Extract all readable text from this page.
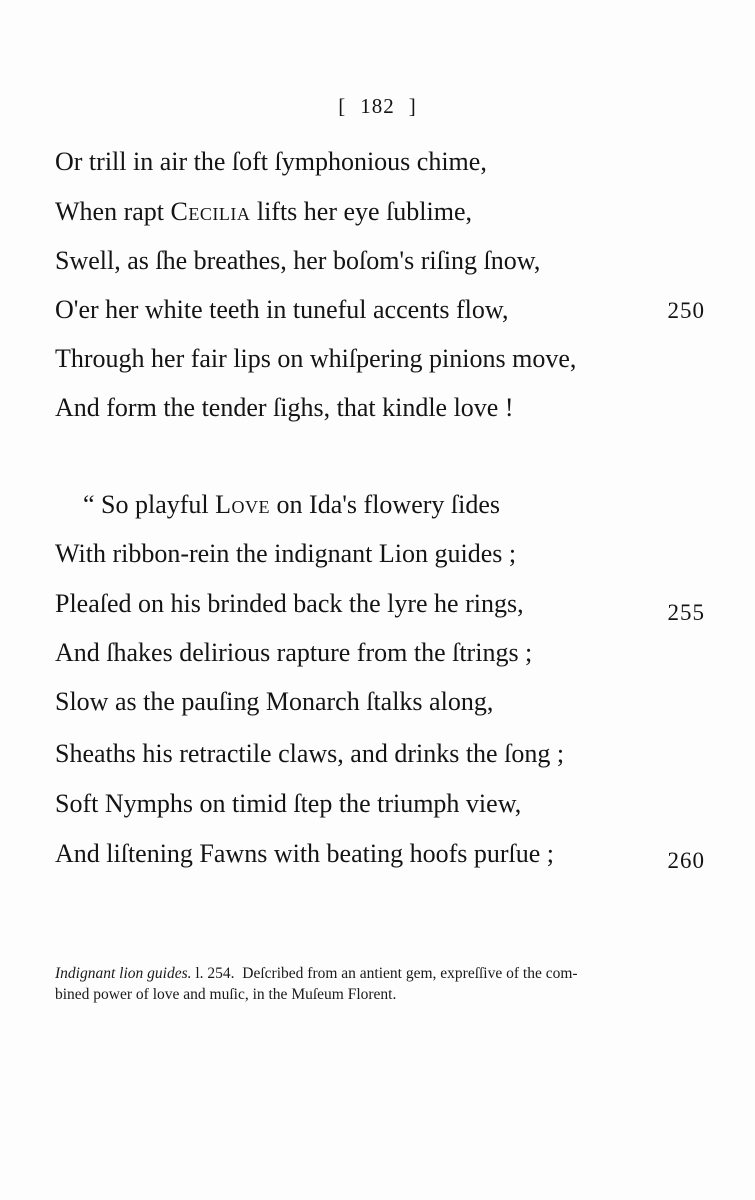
[ 182 ]
Or trill in air the ſoft ſymphonious chime,
When rapt Cecilia lifts her eye ſublime,
Swell, as ſhe breathes, her boſom's riſing ſnow,
O'er her white teeth in tuneful accents flow,	250
Through her fair lips on whiſpering pinions move,
And form the tender ſighs, that kindle love !
“ So playful Love on Ida's flowery ſides
With ribbon-rein the indignant Lion guides ;
Pleaſed on his brinded back the lyre he rings,	255
And ſhakes delirious rapture from the ſtrings ;
Slow as the pauſing Monarch ſtalks along,
Sheaths his retractile claws, and drinks the ſong ;
Soft Nymphs on timid ſtep the triumph view,
And liſtening Fawns with beating hoofs purſue ;	260
Indignant lion guides. l. 254. Deſcribed from an antient gem, expreſſive of the com-
bined power of love and muſic, in the Muſeum Florent.
